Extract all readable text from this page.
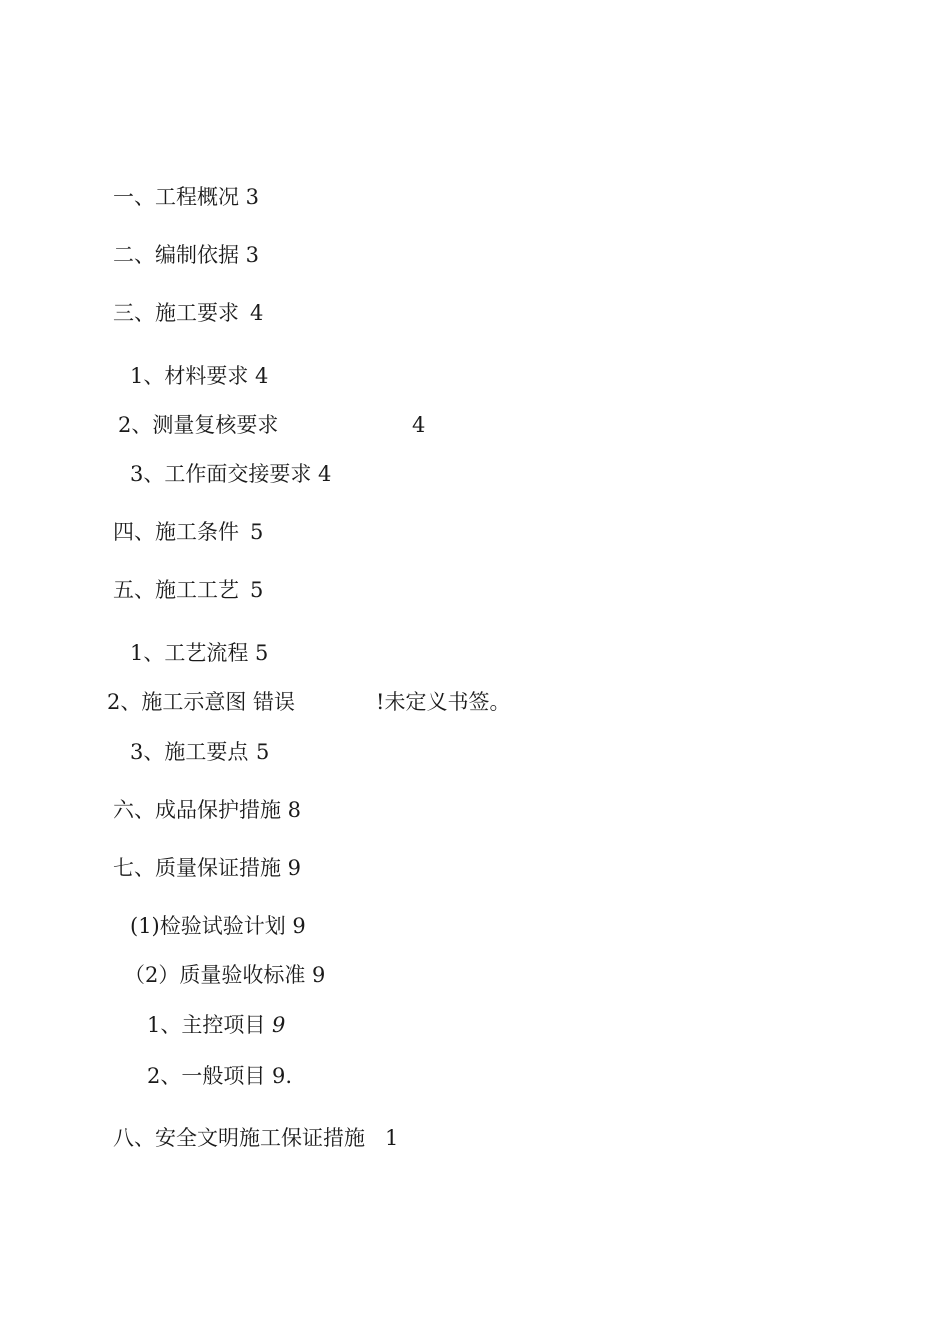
一、工程概况 3
二、编制依据 3
三、施工要求 4
1、材料要求 4
2、测量复核要求	4
3、工作面交接要求 4
四、施工条件 5
五、施工工艺 5
1、工艺流程 5
2、施工示意图 错误	!未定义书签。
3、施工要点 5
六、成品保护措施 8
七、质量保证措施 9
(1)检验试验计划 9
（2）质量验收标准 9
1、主控项目 9
2、一般项目 9.
八、安全文明施工保证措施 1
